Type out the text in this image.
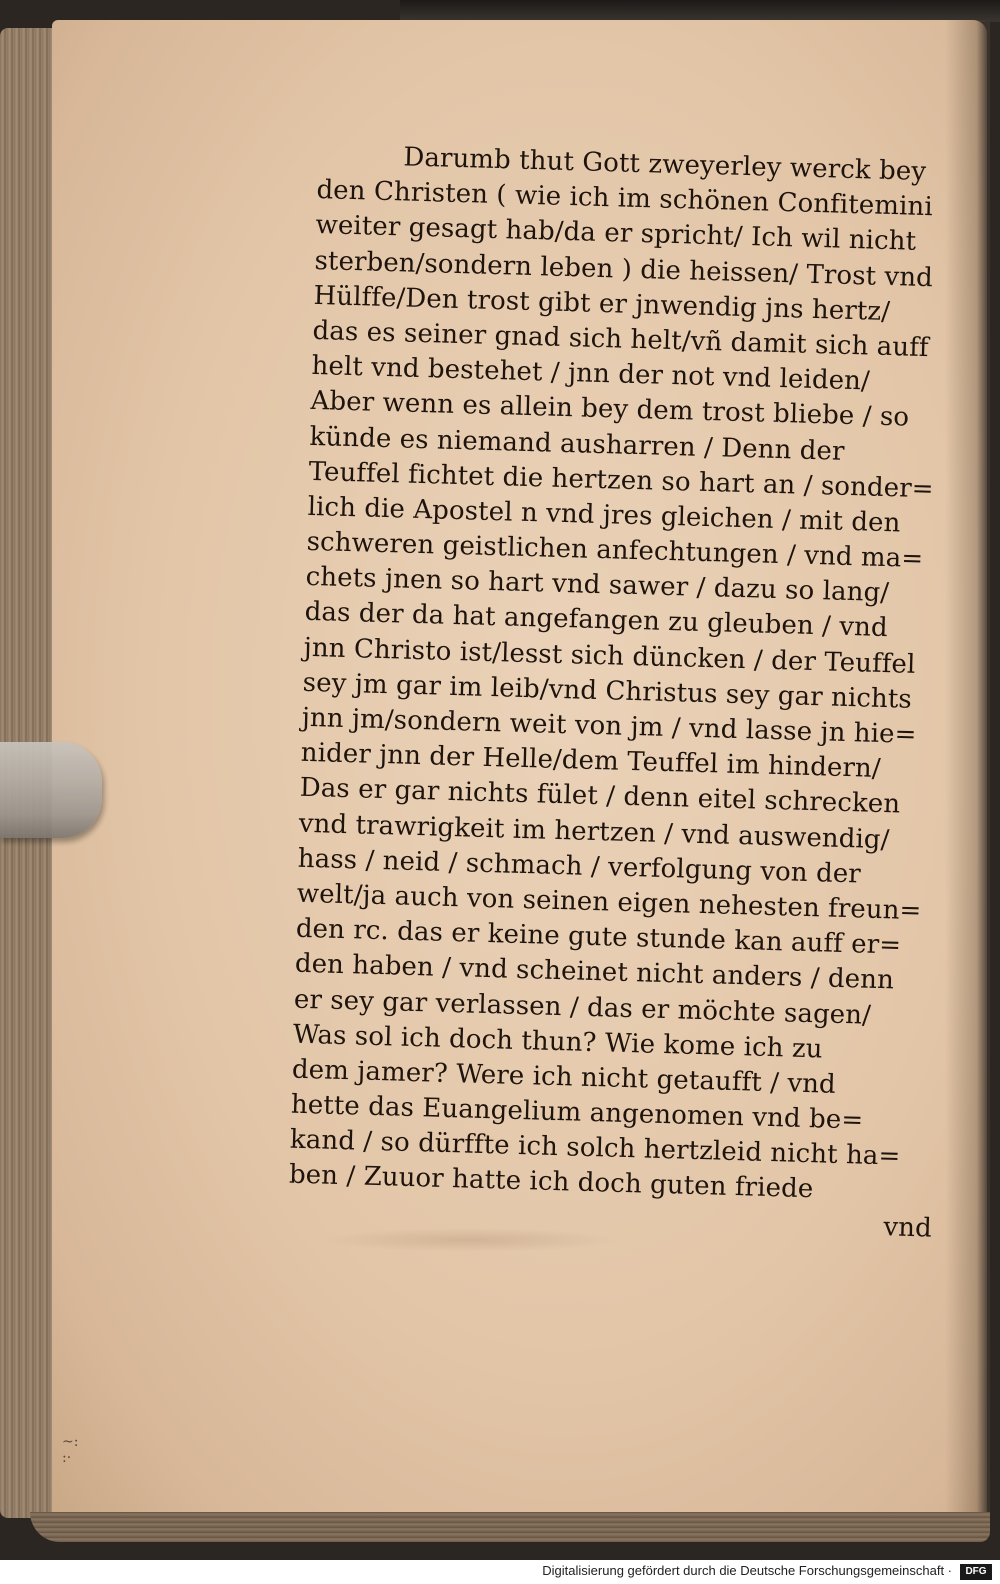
~:
:·
Darumb thut Gott zweyerley werck bey
den Christen ( wie ich im schönen Confitemini
weiter gesagt hab/da er spricht/ Ich wil nicht
sterben/sondern leben ) die heissen/ Trost vnd
Hülffe/Den trost gibt er jnwendig jns hertz/
das es seiner gnad sich helt/vñ damit sich auff
helt vnd bestehet / jnn der not vnd leiden/
Aber wenn es allein bey dem trost bliebe / so
künde es niemand ausharren / Denn der
Teuffel fichtet die hertzen so hart an / sonder=
lich die Apostel n vnd jres gleichen / mit den
schweren geistlichen anfechtungen / vnd ma=
chets jnen so hart vnd sawer / dazu so lang/
das der da hat angefangen zu gleuben / vnd
jnn Christo ist/lesst sich düncken / der Teuffel
sey jm gar im leib/vnd Christus sey gar nichts
jnn jm/sondern weit von jm / vnd lasse jn hie=
nider jnn der Helle/dem Teuffel im hindern/
Das er gar nichts fület / denn eitel schrecken
vnd trawrigkeit im hertzen / vnd auswendig/
hass / neid / schmach / verfolgung von der
welt/ja auch von seinen eigen nehesten freun=
den rc. das er keine gute stunde kan auff er=
den haben / vnd scheinet nicht anders / denn
er sey gar verlassen / das er möchte sagen/
Was sol ich doch thun? Wie kome ich zu
dem jamer? Were ich nicht getaufft / vnd
hette das Euangelium angenomen vnd be=
kand / so dürffte ich solch hertzleid nicht ha=
ben / Zuuor hatte ich doch guten friede
vnd
Digitalisierung gefördert durch die Deutsche Forschungsgemeinschaft ·	DFG
